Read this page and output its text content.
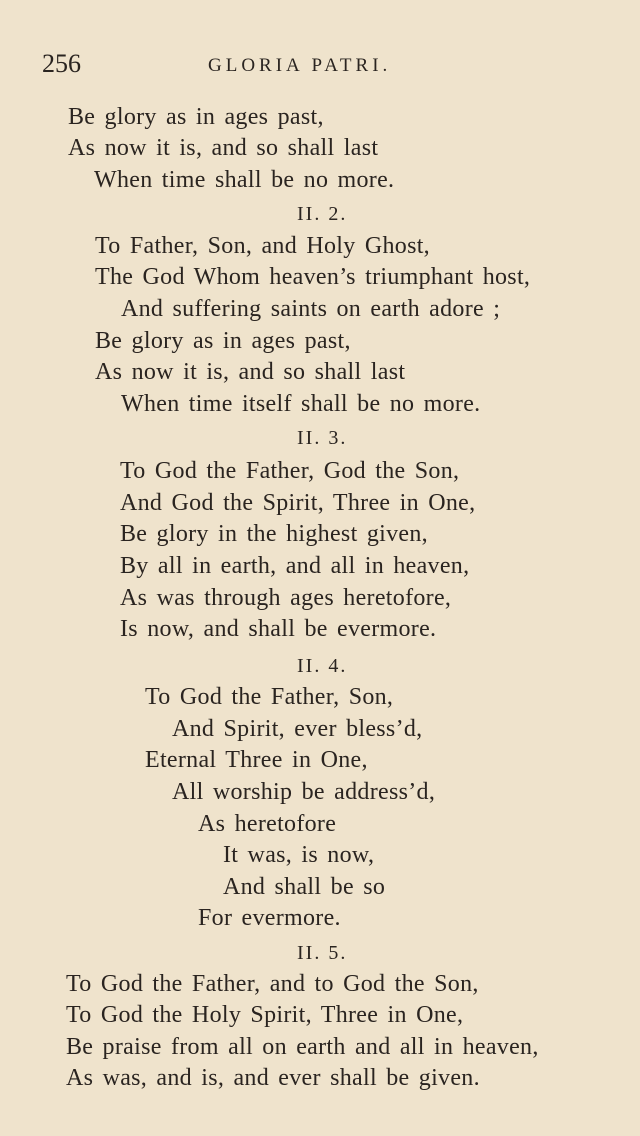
256	GLORIA PATRI.
Be glory as in ages past,
As now it is, and so shall last
When time shall be no more.
II. 2.
To Father, Son, and Holy Ghost,
The God Whom heaven’s triumphant host,
And suffering saints on earth adore ;
Be glory as in ages past,
As now it is, and so shall last
When time itself shall be no more.
II. 3.
To God the Father, God the Son,
And God the Spirit, Three in One,
Be glory in the highest given,
By all in earth, and all in heaven,
As was through ages heretofore,
Is now, and shall be evermore.
II. 4.
To God the Father, Son,
And Spirit, ever bless’d,
Eternal Three in One,
All worship be address’d,
As heretofore
It was, is now,
And shall be so
For evermore.
II. 5.
To God the Father, and to God the Son,
To God the Holy Spirit, Three in One,
Be praise from all on earth and all in heaven,
As was, and is, and ever shall be given.
